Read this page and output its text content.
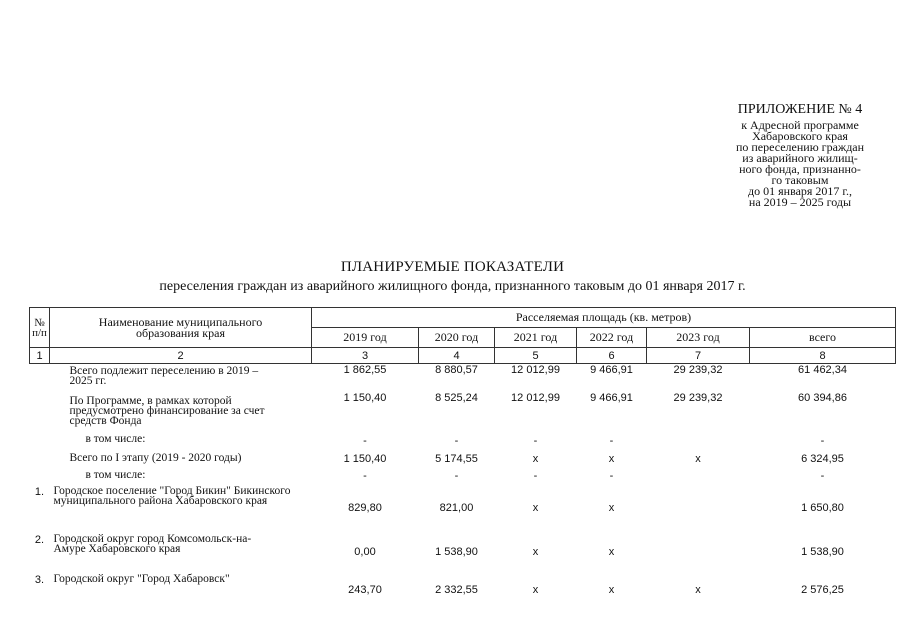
ПРИЛОЖЕНИЕ № 4
к Адресной программе
Хабаровского края
по переселению граждан
из аварийного жилищ-
ного фонда, признанно-
го таковым
до 01 января 2017 г.,
на 2019 – 2025 годы
ПЛАНИРУЕМЫЕ ПОКАЗАТЕЛИ
переселения граждан из аварийного жилищного фонда, признанного таковым до 01 января 2017 г.
№ п/п	Наименование муниципального образования края	Расселяемая площадь (кв. метров)					
		2019 год	2020 год	2021 год	2022 год	2023 год	всего
1	2	3	4	5	6	7	8
	Всего подлежит переселению в 2019 – 2025 гг.	1 862,55	8 880,57	12 012,99	9 466,91	29 239,32	61 462,34
	По Программе, в рамках которой предусмотрено финансирование за счет средств Фонда	1 150,40	8 525,24	12 012,99	9 466,91	29 239,32	60 394,86
	в том числе:	-	-	-	-		-
	Всего по I этапу (2019 - 2020 годы)	1 150,40	5 174,55	x	x	x	6 324,95
	в том числе:	-	-	-	-		-
1.	Городское поселение "Город Бикин" Бикинского муниципального района Хабаровского края	829,80	821,00	x	x		1 650,80
2.	Городской округ город Комсомольск-на-Амуре Хабаровского края	0,00	1 538,90	x	x		1 538,90
3.	Городской округ "Город Хабаровск"	243,70	2 332,55	x	x	x	2 576,25
